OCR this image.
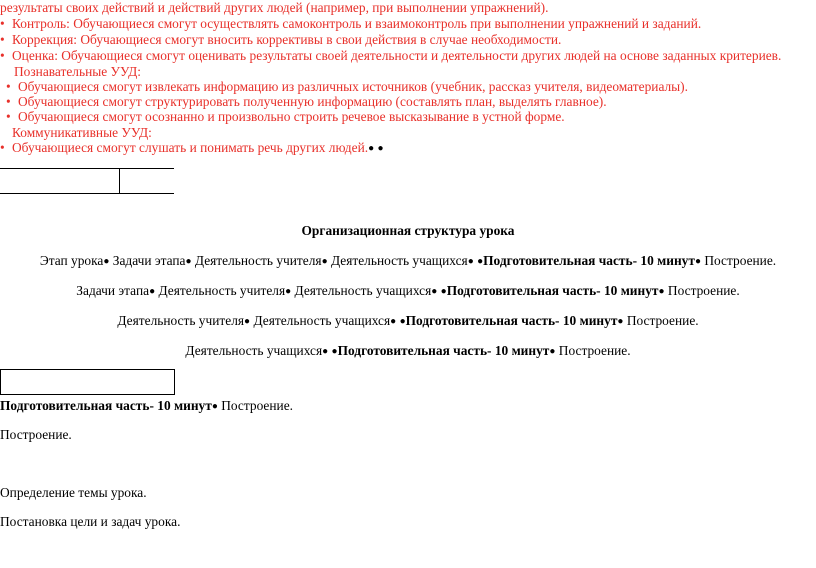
результаты своих действий и действий других людей (например, при выполнении упражнений).
• Контроль: Обучающиеся смогут осуществлять самоконтроль и взаимоконтроль при выполнении упражнений и заданий.
• Коррекция: Обучающиеся смогут вносить коррективы в свои действия в случае необходимости.
• Оценка: Обучающиеся смогут оценивать результаты своей деятельности и деятельности других людей на основе заданных критериев.
Познавательные УУД:
• Обучающиеся смогут извлекать информацию из различных источников (учебник, рассказ учителя, видеоматериалы).
• Обучающиеся смогут структурировать полученную информацию (составлять план, выделять главное).
• Обучающиеся смогут осознанно и произвольно строить речевое высказывание в устной форме.
Коммуникативные УУД:
• Обучающиеся смогут слушать и понимать речь других людей.● ●
Организационная структура урока
Этап урока● Задачи этапа● Деятельность учителя● Деятельность учащихся● ●Подготовительная часть- 10 минут● Построение.
Задачи этапа● Деятельность учителя● Деятельность учащихся● ●Подготовительная часть- 10 минут● Построение.
Деятельность учителя● Деятельность учащихся● ●Подготовительная часть- 10 минут● Построение.
Деятельность учащихся● ●Подготовительная часть- 10 минут● Построение.
Подготовительная часть- 10 минут● Построение.
Построение.
Определение темы урока.
Постановка цели и задач урока.
